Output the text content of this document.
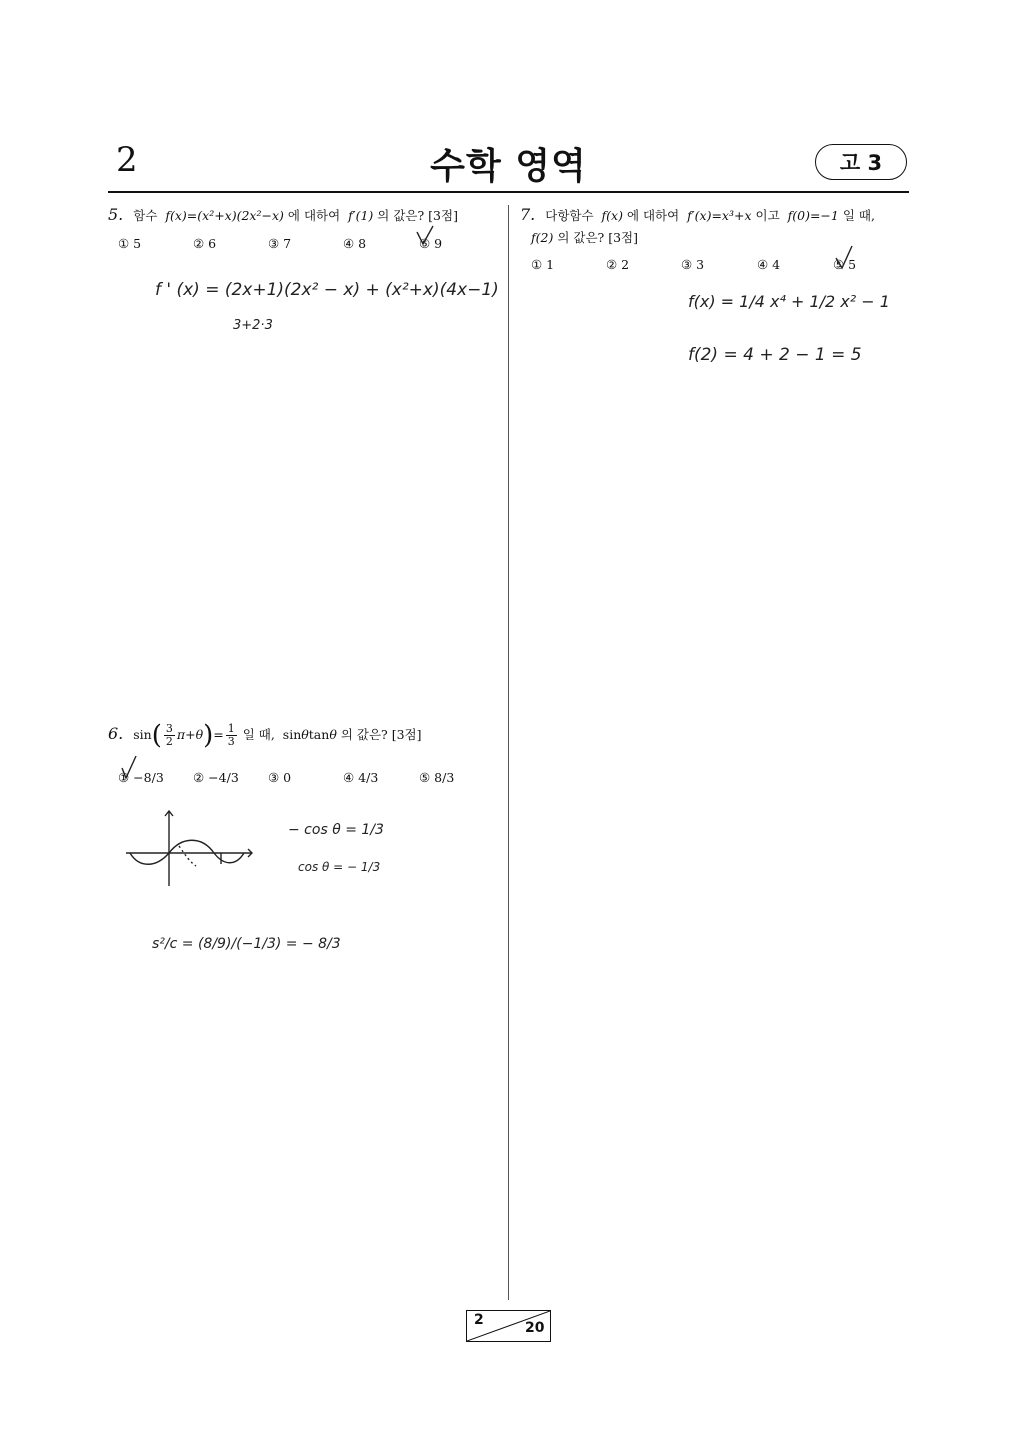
2	수학 영역	고 3
5. 함수  f(x)=(x²+x)(2x²−x) 에 대하여  f′(1) 의 값은? [3점]
① 5	② 6	③ 7	④ 8	⑤ 9
f ' (x) = (2x+1)(2x² − x) + (x²+x)(4x−1)
3+2·3
6. $\sin( \frac{3}{2} \pi+\theta)= \frac{1}{3}$ 일 때,  sinθtanθ 의 값은? [3점]
① −8/3 ② −4/3 ③ 0	④ 4/3	⑤ 8/3
− cos θ = 1/3
cos θ = − 1/3
s²/c = (8/9)/(−1/3) = − 8/3
7. 다항함수  f(x) 에 대하여  f′(x)=x³+x 이고  f(0)=−1 일 때,
f(2) 의 값은? [3점]
① 1	② 2	③ 3	④ 4	⑤ 5
f(x) = 1/4 x⁴ + 1/2 x² − 1
f(2) = 4 + 2 − 1 = 5
2	20
